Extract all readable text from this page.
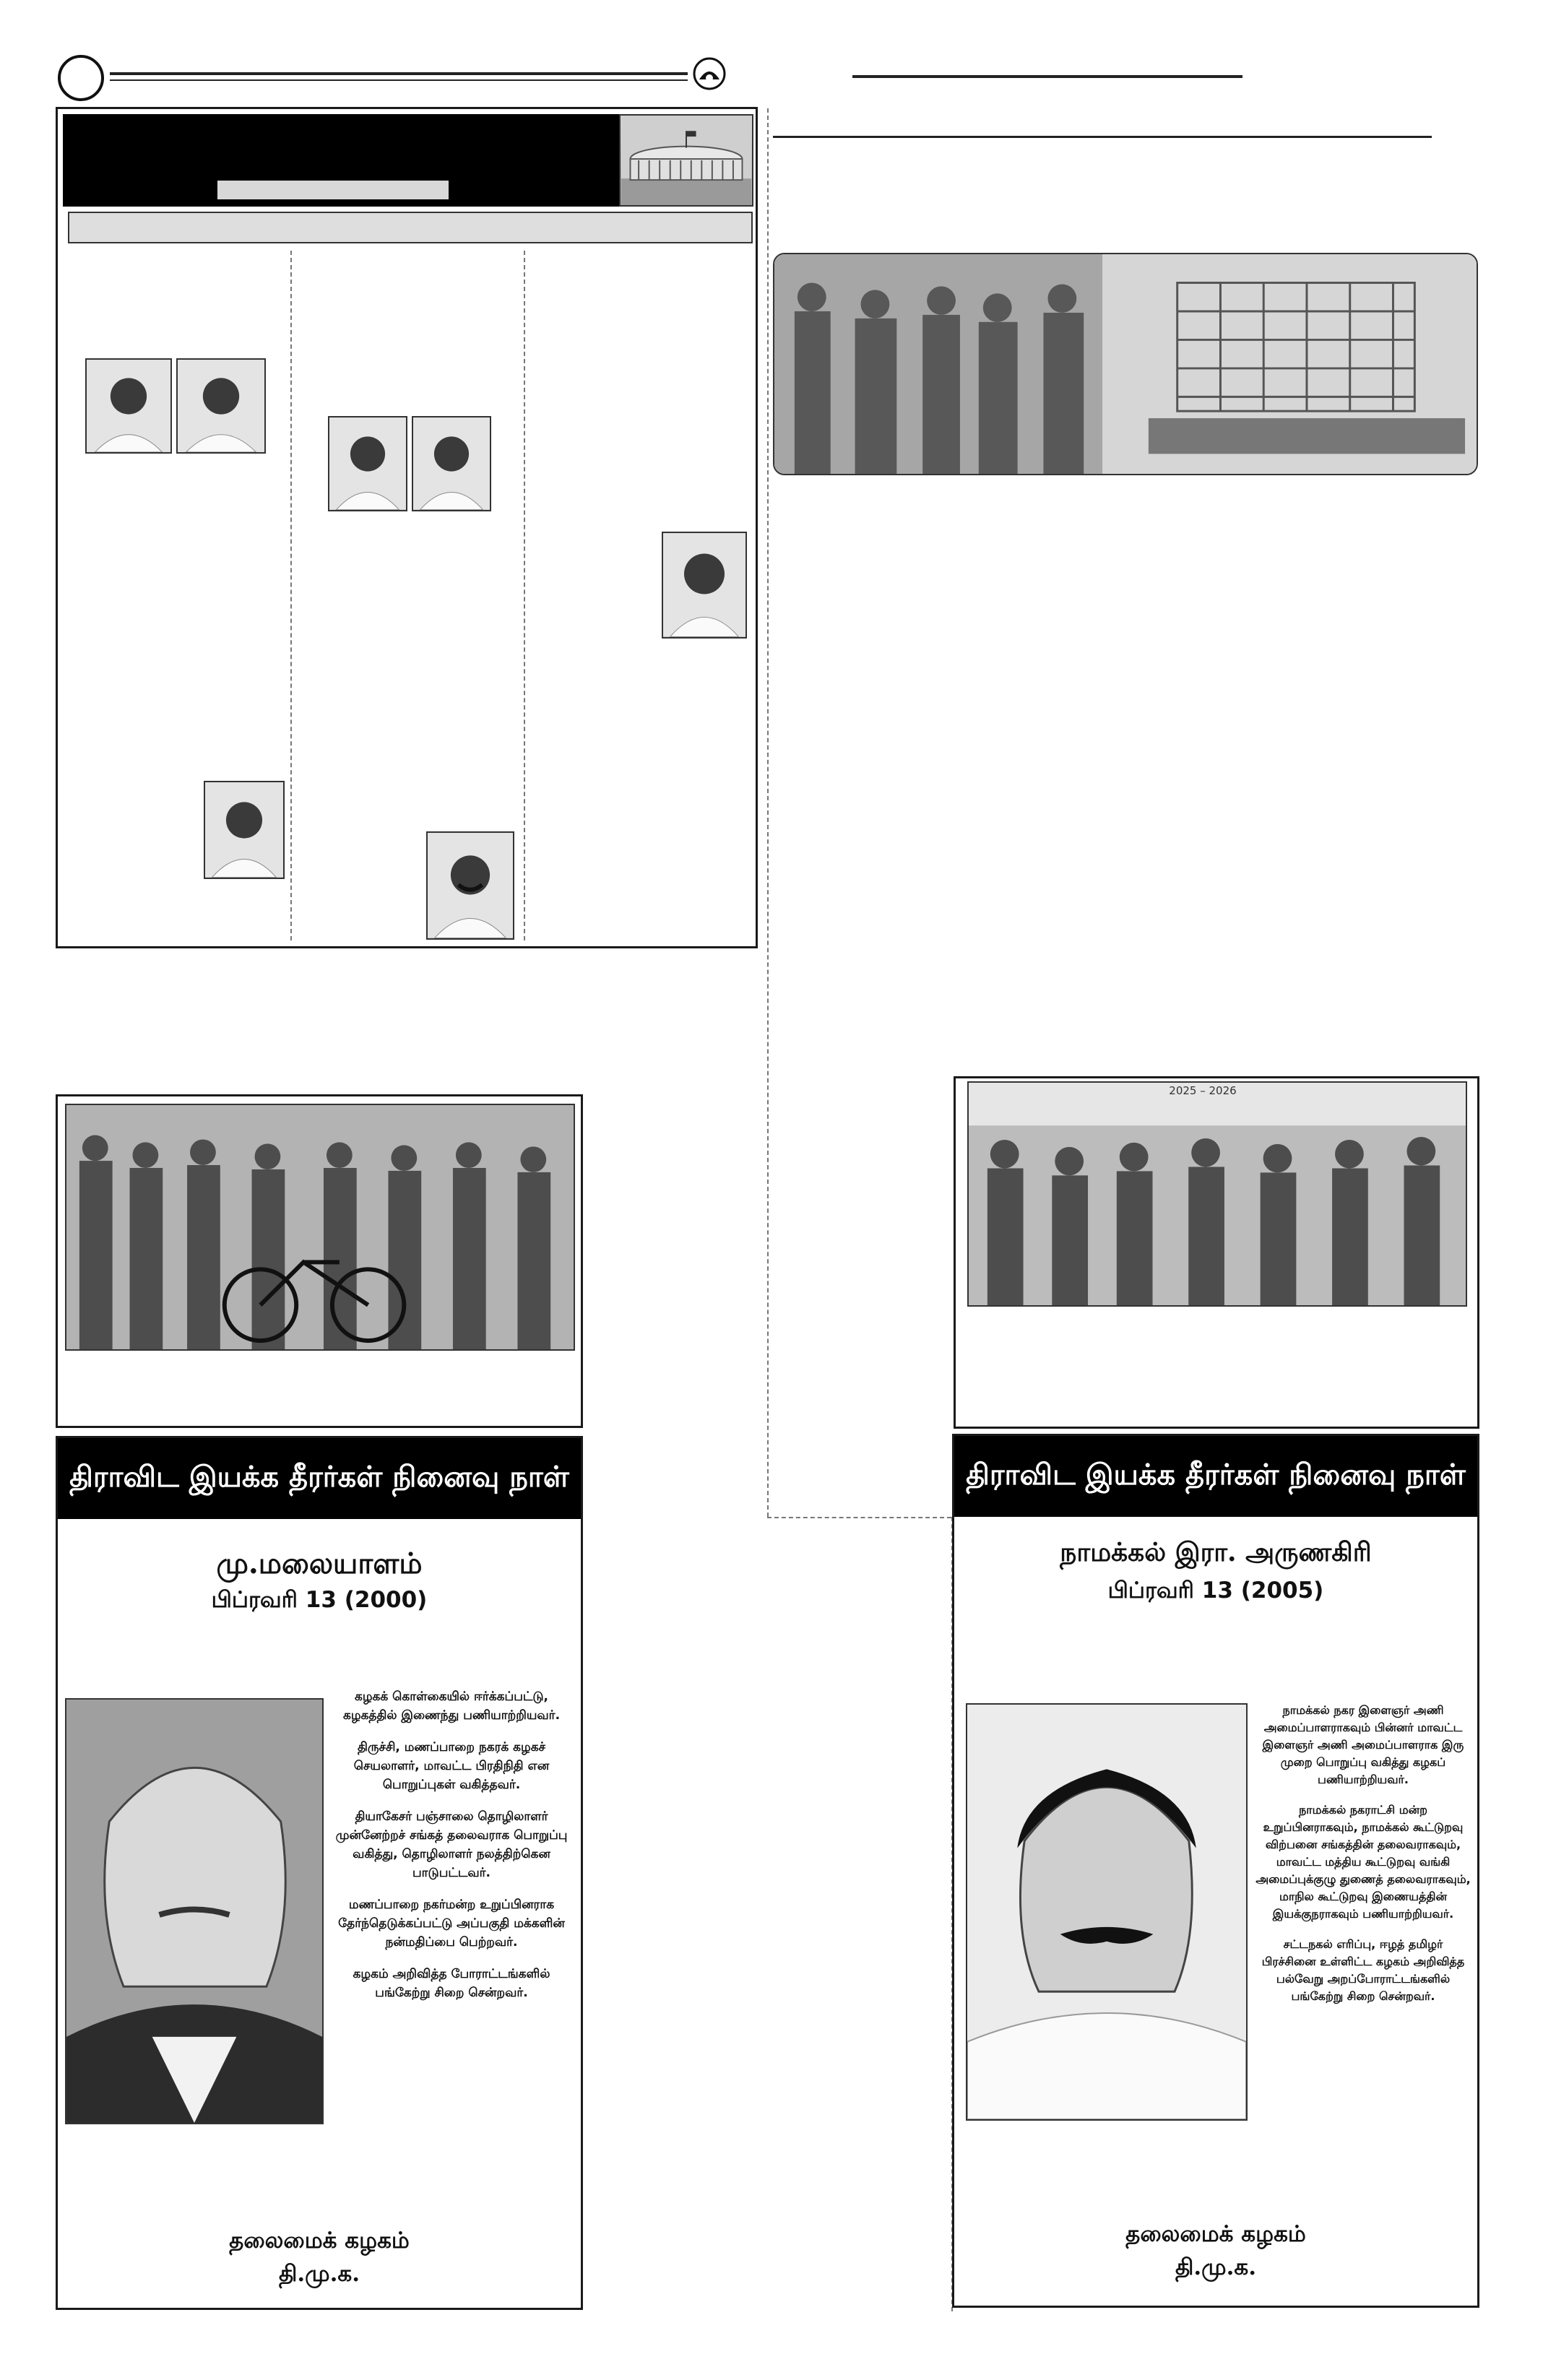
2025 – 2026
திராவிட இயக்க தீரர்கள் நினைவு நாள்
மு.மலையாளம்
பிப்ரவரி 13 (2000)

கழகக் கொள்கையில் ஈர்க்கப்பட்டு, கழகத்தில் இணைந்து பணியாற்றியவர்.

திருச்சி, மணப்பாறை நகரக் கழகச் செயலாளர், மாவட்ட பிரதிநிதி என பொறுப்புகள் வகித்தவர்.

தியாகேசர் பஞ்சாலை தொழிலாளர் முன்னேற்றச் சங்கத் தலைவராக பொறுப்பு வகித்து, தொழிலாளர் நலத்திற்கென பாடுபட்டவர்.

மணப்பாறை நகர்மன்ற உறுப்பினராக தேர்ந்தெடுக்கப்பட்டு அப்பகுதி மக்களின் நன்மதிப்பை பெற்றவர்.

கழகம் அறிவித்த போராட்டங்களில் பங்கேற்று சிறை சென்றவர்.

தலைமைக் கழகம்
தி.மு.க.
திராவிட இயக்க தீரர்கள் நினைவு நாள்
நாமக்கல் இரா. அருணகிரி
பிப்ரவரி 13 (2005)

நாமக்கல் நகர இளைஞர் அணி அமைப்பாளராகவும் பின்னர் மாவட்ட இளைஞர் அணி அமைப்பாளராக இரு முறை பொறுப்பு வகித்து கழகப் பணியாற்றியவர்.

நாமக்கல் நகராட்சி மன்ற உறுப்பினராகவும், நாமக்கல் கூட்டுறவு விற்பனை சங்கத்தின் தலைவராகவும், மாவட்ட மத்திய கூட்டுறவு வங்கி அமைப்புக்குழு துணைத் தலைவராகவும், மாநில கூட்டுறவு இணையத்தின் இயக்குநராகவும் பணியாற்றியவர்.

சட்டநகல் எரிப்பு, ஈழத் தமிழர் பிரச்சினை உள்ளிட்ட கழகம் அறிவித்த பல்வேறு அறப்போராட்டங்களில் பங்கேற்று சிறை சென்றவர்.

தலைமைக் கழகம்
தி.மு.க.
